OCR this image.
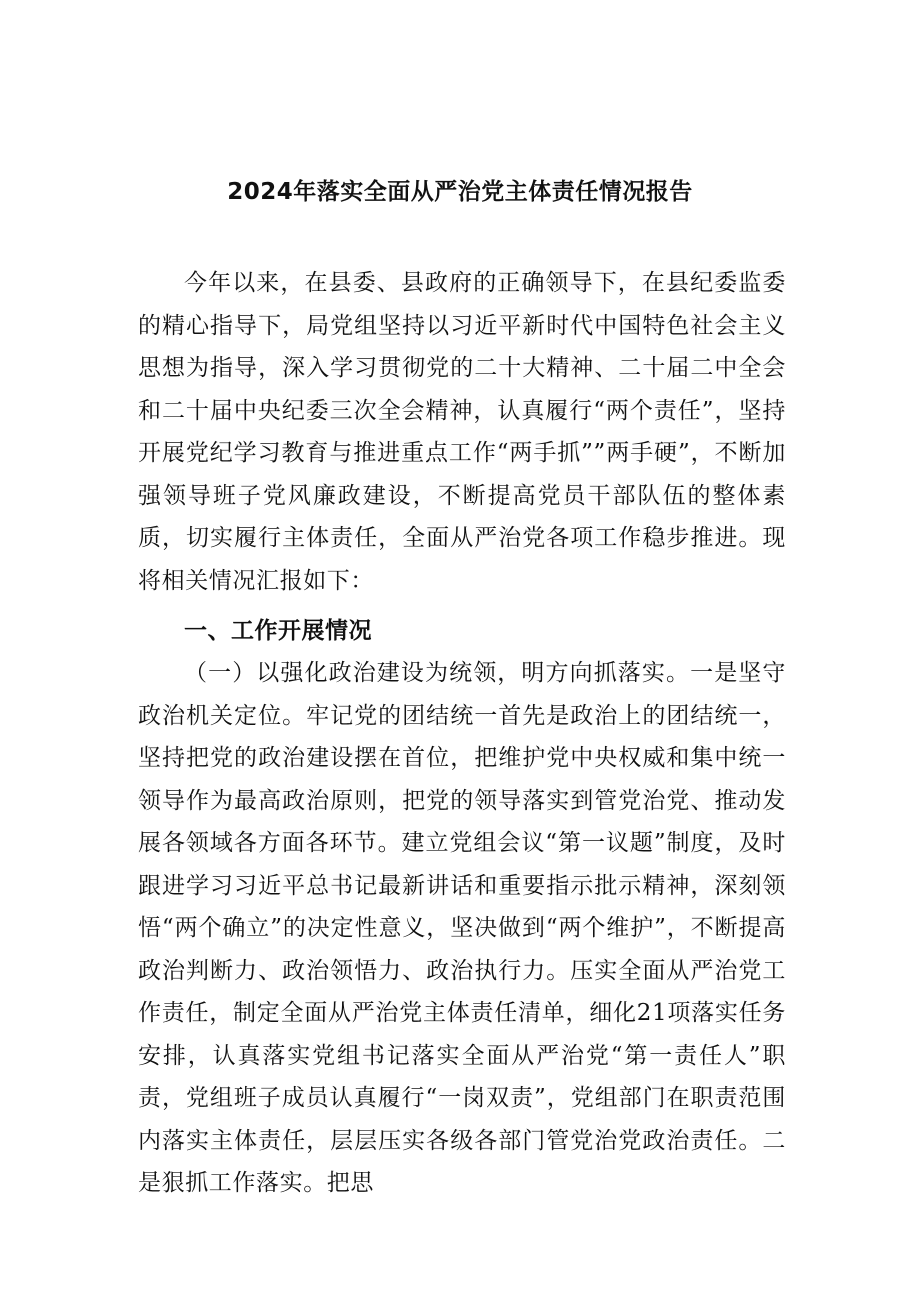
2024年落实全面从严治党主体责任情况报告

今年以来，在县委、县政府的正确领导下，在县纪委监委的精心指导下，局党组坚持以习近平新时代中国特色社会主义思想为指导，深入学习贯彻党的二十大精神、二十届二中全会和二十届中央纪委三次全会精神，认真履行“两个责任”，坚持开展党纪学习教育与推进重点工作“两手抓””两手硬”，不断加强领导班子党风廉政建设，不断提高党员干部队伍的整体素质，切实履行主体责任，全面从严治党各项工作稳步推进。现将相关情况汇报如下：

一、工作开展情况

（一）以强化政治建设为统领，明方向抓落实。一是坚守政治机关定位。牢记党的团结统一首先是政治上的团结统一，坚持把党的政治建设摆在首位，把维护党中央权威和集中统一领导作为最高政治原则，把党的领导落实到管党治党、推动发展各领域各方面各环节。建立党组会议“第一议题”制度，及时跟进学习习近平总书记最新讲话和重要指示批示精神，深刻领悟“两个确立”的决定性意义，坚决做到“两个维护”，不断提高政治判断力、政治领悟力、政治执行力。压实全面从严治党工作责任，制定全面从严治党主体责任清单，细化21项落实任务安排，认真落实党组书记落实全面从严治党“第一责任人”职责，党组班子成员认真履行“一岗双责”，党组部门在职责范围内落实主体责任，层层压实各级各部门管党治党政治责任。二是狠抓工作落实。把思
